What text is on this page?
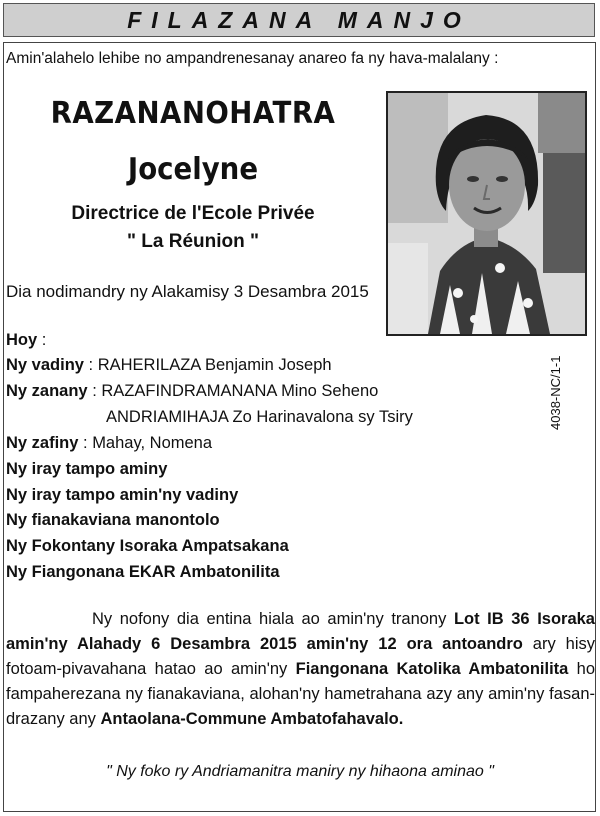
FILAZANA MANJO
Amin'alahelo lehibe no ampandrenesanay anareo fa ny hava-malalany :
RAZANANOHATRA
Jocelyne
Directrice de l'Ecole Privée
" La Réunion "
Dia nodimandry ny Alakamisy 3 Desambra 2015
Hoy :
Ny vadiny : RAHERILAZA Benjamin Joseph
Ny zanany : RAZAFINDRAMANANA Mino Seheno
ANDRIAMIHAJA Zo Harinavalona sy Tsiry
Ny zafiny : Mahay, Nomena
Ny iray tampo aminy
Ny iray tampo amin'ny vadiny
Ny fianakaviana manontolo
Ny Fokontany Isoraka Ampatsakana
Ny Fiangonana EKAR Ambatonilita
4038-NC/1-1
Ny nofony dia entina hiala ao amin'ny tranony Lot IB 36 Isoraka amin'ny Alahady 6 Desambra 2015 amin'ny 12 ora antoandro ary hisy fotoam-pivavahana hatao ao amin'ny Fiangonana Katolika Ambatonilita ho fampaherezana ny fianakaviana, alohan'ny hametrahana azy any amin'ny fasan-drazany any Antaolana-Commune Ambatofahavalo.
" Ny foko ry Andriamanitra maniry ny hihaona aminao "
